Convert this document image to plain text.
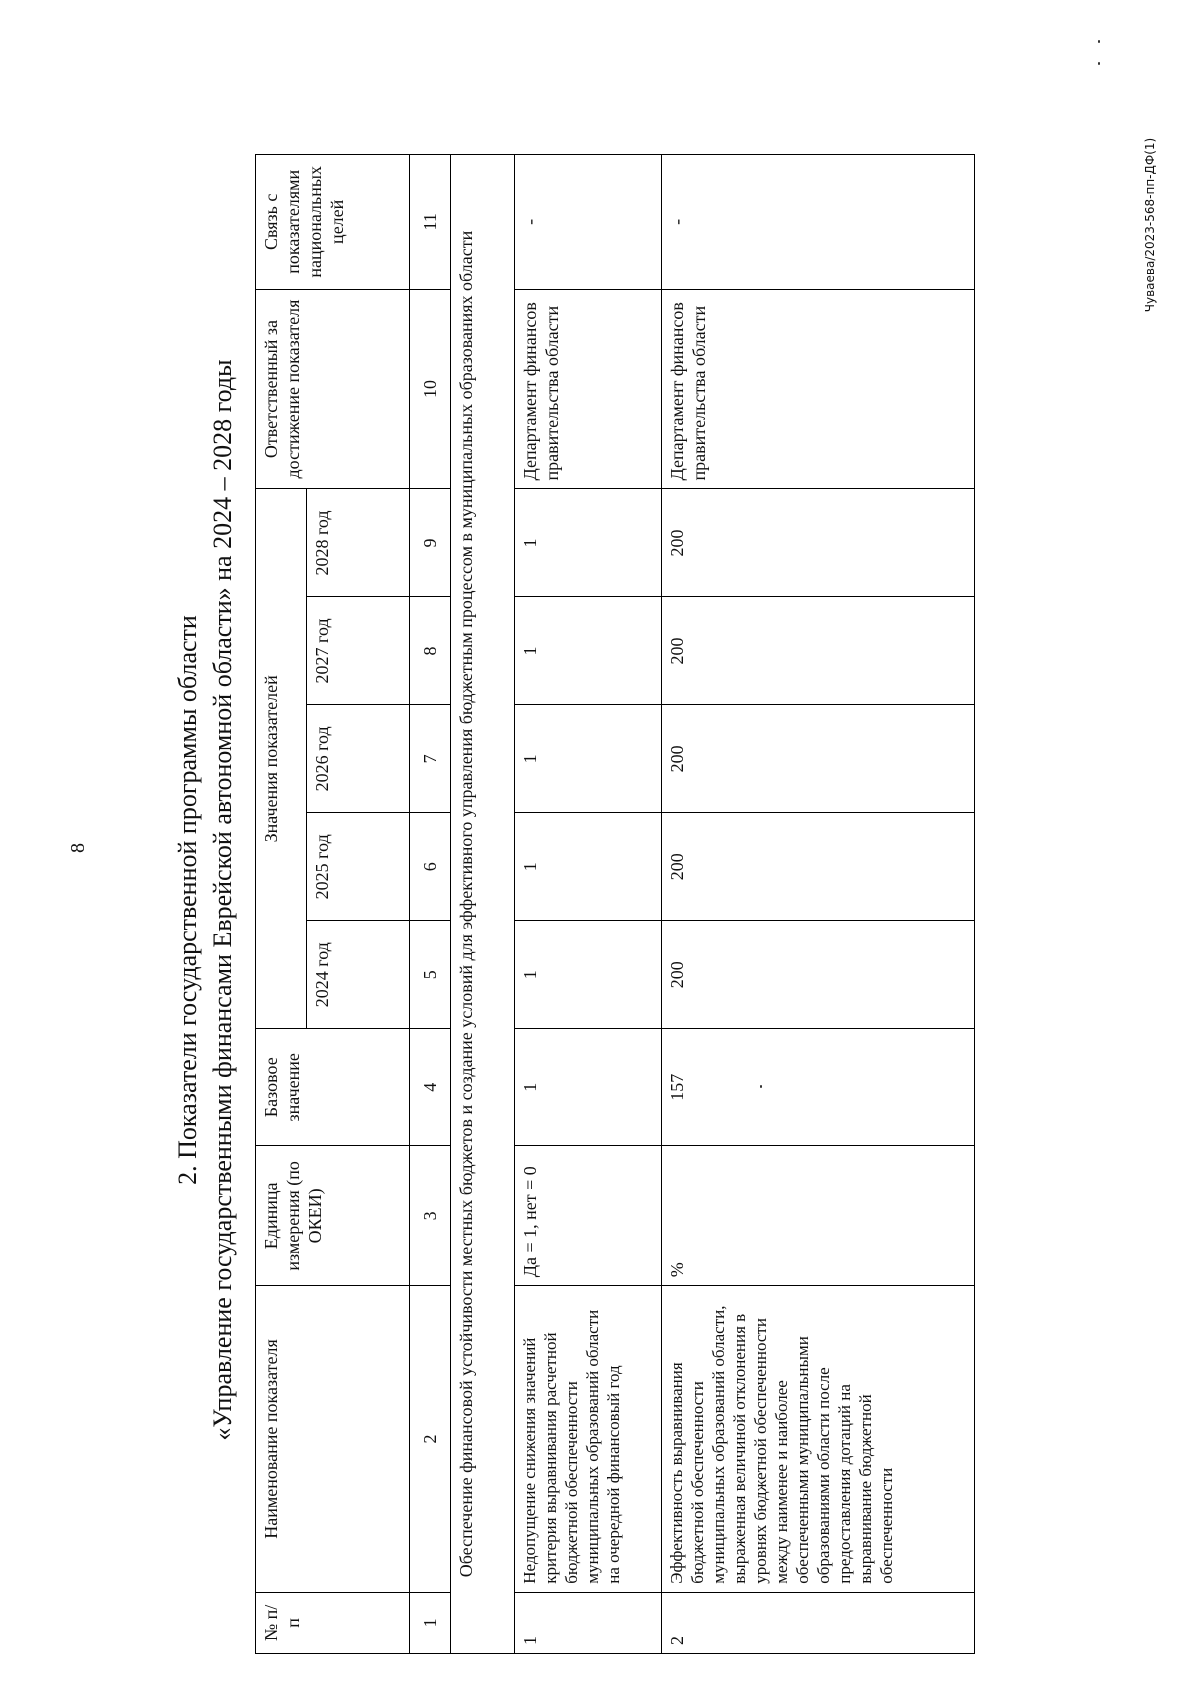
8
Чуваева/2023-568-пп-ДФ(1)
2. Показатели государственной программы области «Управление государственными финансами Еврейской автономной области» на 2024 – 2028 годы
№ п/п	Наименование показателя	Единица измерения (по ОКЕИ)	Базовое значение	Значения показателей					Ответственный за достижение показателя	Связь с показателями национальных целей
				2024 год	2025 год	2026 год	2027 год	2028 год		
1	2	3	4	5	6	7	8	9	10	11
Обеспечение финансовой устойчивости местных бюджетов и создание условий для эффективного управления бюджетным процессом в муниципальных образованиях области										
1	Недопущение снижения значений критерия выравнивания расчетной бюджетной обеспеченности муниципальных образований области на очередной финансовый год	Да = 1, нет = 0	1	1	1	1	1	1	Департамент финансов правительства области	-
2	Эффективность выравнивания бюджетной обеспеченности муниципальных образований области, выраженная величиной отклонения в уровнях бюджетной обеспеченности между наименее и наиболее обеспеченными муниципальными образованиями области после предоставления дотаций на выравнивание бюджетной обеспеченности	%	157	200	200	200	200	200	Департамент финансов правительства области	-
